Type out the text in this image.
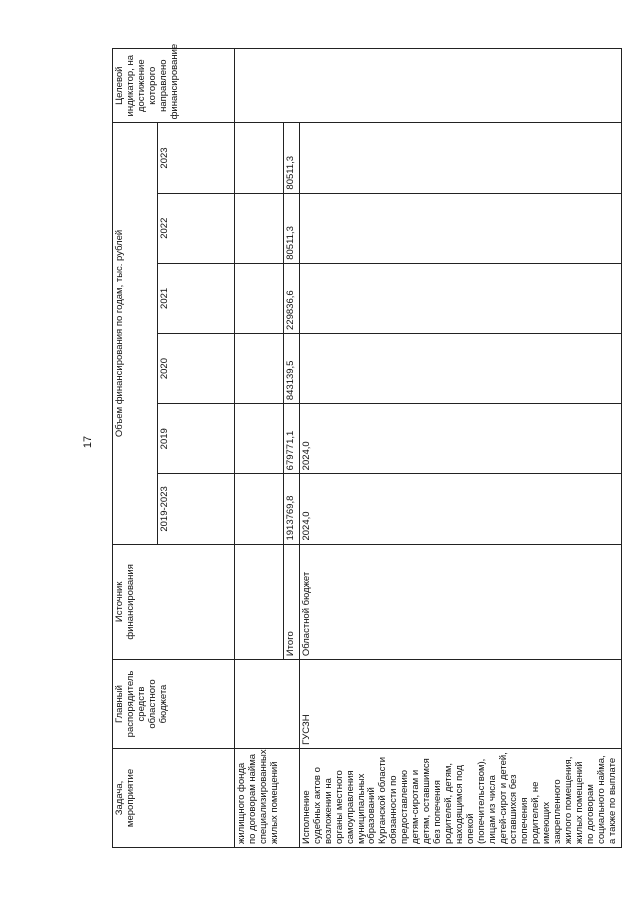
17
Задача, мероприятие	Главный распорядитель средств областного бюджета	Источник финансирования	Объем финансирования по годам, тыс. рублей						Целевой индикатор, на достижение которого направлено финансирование
			2019-2023	2019	2020	2021	2022	2023	
жилищного фонда по договорам найма специализированных жилых помещений									
		Итого	1913769,8	679771,1	843139,5	229836,6	80511,3	80511,3	
Исполнение судебных актов о возложении на органы местного самоуправления муниципальных образований Курганской области обязанности по предоставлению детям-сиротам и детям, оставшимся без попечения родителей, детям, находящимся под опекой (попечительством), лицам из числа детей-сирот и детей, оставшихся без попечения родителей, не имеющих закрепленного жилого помещения, жилых помещений по договорам социального найма, а также по выплате	ГУСЗН	Областной бюджет	2024,0	2024,0					
